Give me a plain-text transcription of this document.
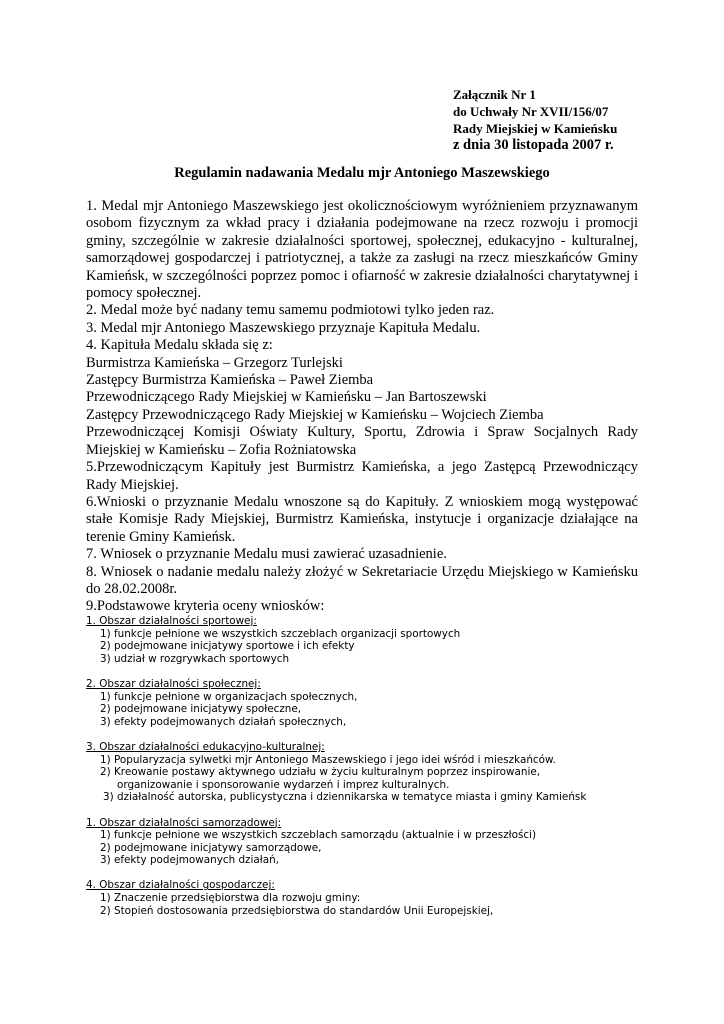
Załącznik Nr 1
do Uchwały Nr XVII/156/07
Rady Miejskiej w Kamieńsku
z dnia 30 listopada 2007 r.
Regulamin nadawania Medalu mjr Antoniego Maszewskiego

1. Medal mjr Antoniego Maszewskiego jest okolicznościowym wyróżnieniem przyznawanym osobom fizycznym za wkład pracy i działania podejmowane na rzecz rozwoju i promocji gminy, szczególnie w zakresie działalności sportowej, społecznej, edukacyjno - kulturalnej, samorządowej gospodarczej i patriotycznej, a także za zasługi na rzecz mieszkańców Gminy Kamieńsk, w szczególności poprzez pomoc i ofiarność w zakresie działalności charytatywnej i pomocy społecznej.

2. Medal może być nadany temu samemu podmiotowi tylko jeden raz.

3. Medal mjr Antoniego Maszewskiego przyznaje Kapituła Medalu.

4. Kapituła Medalu składa się z:

Burmistrza Kamieńska – Grzegorz Turlejski

Zastępcy Burmistrza Kamieńska – Paweł Ziemba

Przewodniczącego Rady Miejskiej w Kamieńsku – Jan Bartoszewski

Zastępcy Przewodniczącego Rady Miejskiej w Kamieńsku – Wojciech Ziemba

Przewodniczącej Komisji Oświaty Kultury, Sportu, Zdrowia i Spraw Socjalnych Rady Miejskiej w Kamieńsku – Zofia Rożniatowska

5.Przewodniczącym Kapituły jest Burmistrz Kamieńska, a jego Zastępcą Przewodniczący Rady Miejskiej.

6.Wnioski o przyznanie Medalu wnoszone są do Kapituły. Z wnioskiem mogą występować stałe Komisje Rady Miejskiej, Burmistrz Kamieńska, instytucje i organizacje działające na terenie Gminy Kamieńsk.

7. Wniosek o przyznanie Medalu musi zawierać uzasadnienie.

8. Wniosek o nadanie medalu należy złożyć w Sekretariacie Urzędu Miejskiego w Kamieńsku do 28.02.2008r.

9.Podstawowe kryteria oceny wniosków:

1. Obszar działalności sportowej:
1) funkcje pełnione we wszystkich szczeblach organizacji sportowych
2) podejmowane inicjatywy sportowe i ich efekty
3) udział w rozgrywkach sportowych
2. Obszar działalności społecznej:
1) funkcje pełnione w organizacjach społecznych,
2) podejmowane inicjatywy społeczne,
3) efekty podejmowanych działań społecznych,
3. Obszar działalności edukacyjno-kulturalnej:
1) Popularyzacja sylwetki mjr Antoniego Maszewskiego i jego idei wśród i mieszkańców.
2) Kreowanie postawy aktywnego udziału w życiu kulturalnym poprzez inspirowanie,
organizowanie i sponsorowanie wydarzeń i imprez kulturalnych.
3) działalność autorska, publicystyczna i dziennikarska w tematyce miasta i gminy Kamieńsk
1. Obszar działalności samorządowej:
1) funkcje pełnione we wszystkich szczeblach samorządu (aktualnie i w przeszłości)
2) podejmowane inicjatywy samorządowe,
3) efekty podejmowanych działań,
4. Obszar działalności gospodarczej:
1) Znaczenie przedsiębiorstwa dla rozwoju gminy:
2) Stopień dostosowania przedsiębiorstwa do standardów Unii Europejskiej,
